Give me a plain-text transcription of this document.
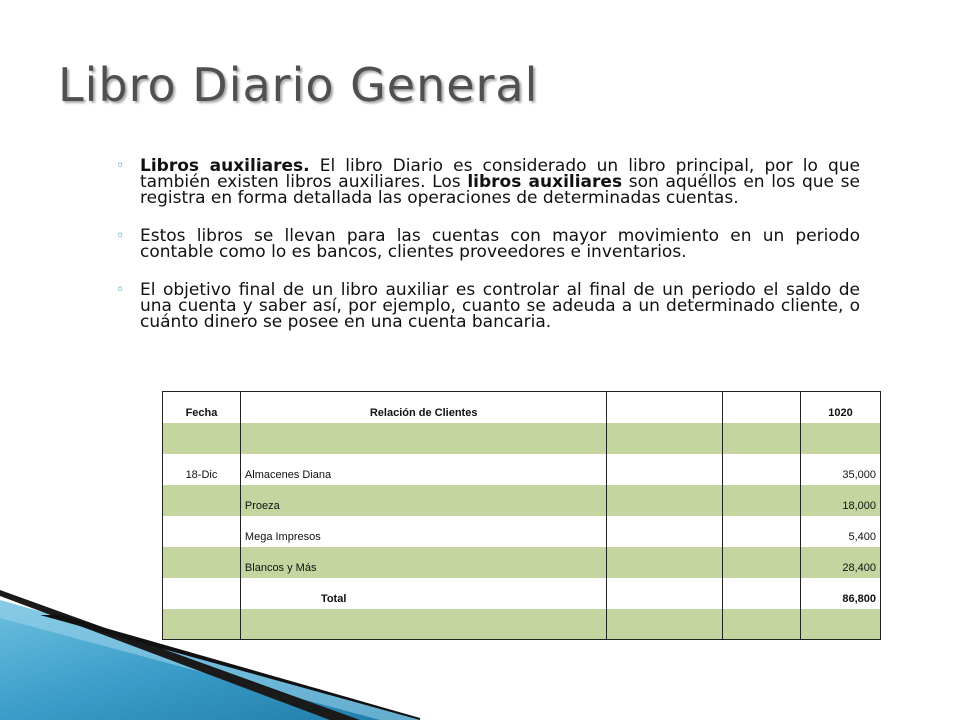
Libro Diario General
◦ Libros auxiliares. El libro Diario es considerado un libro principal, por lo que también existen libros auxiliares. Los libros auxiliares son aquéllos en los que se registra en forma detallada las operaciones de determinadas cuentas.
◦ Estos libros se llevan para las cuentas con mayor movimiento en un periodo contable como lo es bancos, clientes proveedores e inventarios.
◦ El objetivo final de un libro auxiliar es controlar al final de un periodo el saldo de una cuenta y saber así, por ejemplo, cuanto se adeuda a un determinado cliente, o cuánto dinero se posee en una cuenta bancaria.
Fecha	Relación de Clientes			1020

18-Dic	Almacenes Diana			35,000
	Proeza			18,000
	Mega Impresos			5,400
	Blancos y Más			28,400
	Total			86,800
